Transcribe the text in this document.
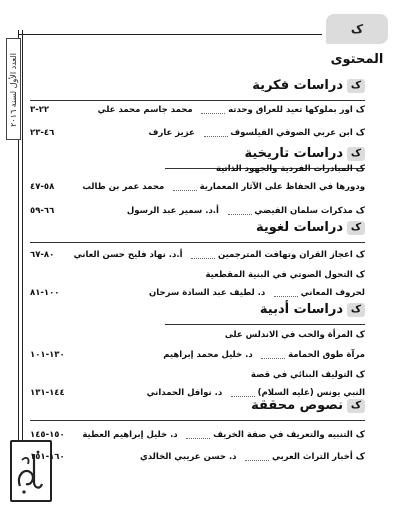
ﮎ المحتوى
العدد الأول لسنة ٢٠١٦	ﮎدراسات فكرية
ﮎاور بملوكها تعيد للعراق وحدته  محمد جاسم محمد علي
٢٢-٣
ﮎابن عربي الصوفي الفيلسوف  عزيز عارف
٤٦-٢٣
ﮎدراسات تاريخية
ﮎالمبادرات الفردية والجهود الذاتية
ودورها في الحفاظ على الآثار المعمارية  محمد عمر بن طالب
٥٨-٤٧
ﮎمذكرات سلمان الفيضي  أ.د. سمير عبد الرسول
٦٦-٥٩
ﮎدراسات لغوية
ﮎاعجاز القران وتهافت المترجمين  أ.د. نهاد فليح حسن العاني
٨٠-٦٧
ﮎالتحول الصوتي في البنية المقطعية
لحروف المعاني  د. لطيف عبد السادة سرحان
١٠٠-٨١
ﮎدراسات أدبية
ﮎالمرأة والحب في الاندلس على
مرآة طوق الحمامة  د. خليل محمد إبراهيم
١٣٠-١٠١
ﮎالتوليف البنائي في قصة
النبي يونس (عليه السلام)  د. نوافل الحمداني
١٤٤-١٣١
ﮎنصوص محققة
ﮎالتنبيه والتعريف في صفة الخريف  د. خليل إبراهيم العطية
١٥٠-١٤٥
ﮎأخبار التراث العربي  د. حسن عريبي الخالدي
١٦٠-١٥١
